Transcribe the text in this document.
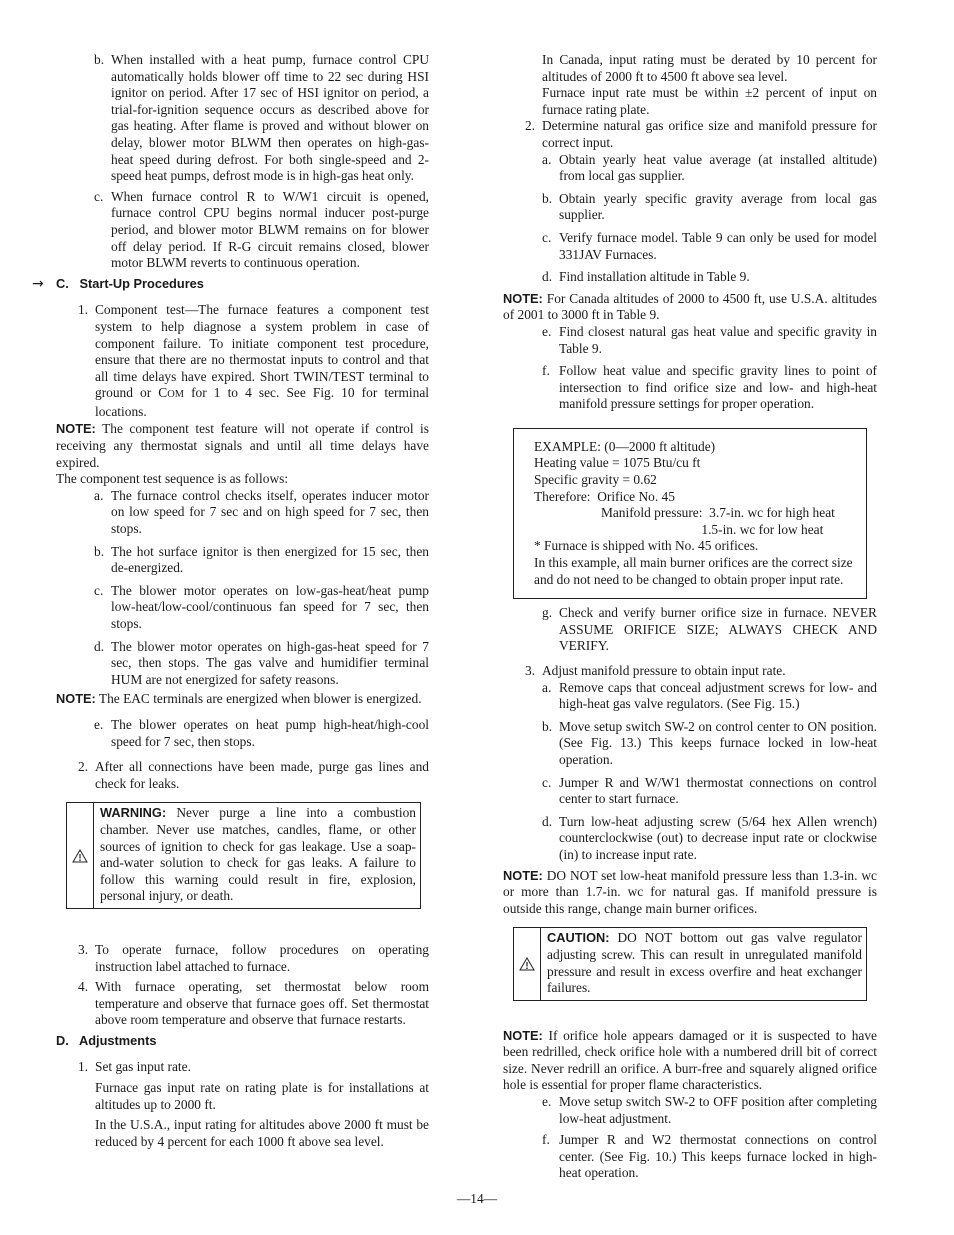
b. When installed with a heat pump, furnace control CPU automatically holds blower off time to 22 sec during HSI ignitor on period. After 17 sec of HSI ignitor on period, a trial-for-ignition sequence occurs as described above for gas heating. After flame is proved and without blower on delay, blower motor BLWM then operates on high-gas-heat speed during defrost. For both single-speed and 2-speed heat pumps, defrost mode is in high-gas heat only.
c. When furnace control R to W/W1 circuit is opened, furnace control CPU begins normal inducer post-purge period, and blower motor BLWM remains on for blower off delay period. If R-G circuit remains closed, blower motor BLWM reverts to continuous operation.
→ C.   Start-Up Procedures
1. Component test—The furnace features a component test system to help diagnose a system problem in case of component failure. To initiate component test procedure, ensure that there are no thermostat inputs to control and that all time delays have expired. Short TWIN/TEST terminal to ground or COM for 1 to 4 sec. See Fig. 10 for terminal locations.

NOTE: The component test feature will not operate if control is receiving any thermostat signals and until all time delays have expired.

The component test sequence is as follows:

a. The furnace control checks itself, operates inducer motor on low speed for 7 sec and on high speed for 7 sec, then stops.
b. The hot surface ignitor is then energized for 15 sec, then de-energized.
c. The blower motor operates on low-gas-heat/heat pump low-heat/low-cool/continuous fan speed for 7 sec, then stops.
d. The blower motor operates on high-gas-heat speed for 7 sec, then stops. The gas valve and humidifier terminal HUM are not energized for safety reasons.

NOTE: The EAC terminals are energized when blower is energized.

e. The blower operates on heat pump high-heat/high-cool speed for 7 sec, then stops.
2. After all connections have been made, purge gas lines and check for leaks.
WARNING: Never purge a line into a combustion chamber. Never use matches, candles, flame, or other sources of ignition to check for gas leakage. Use a soap-and-water solution to check for gas leaks. A failure to follow this warning could result in fire, explosion, personal injury, or death.
3. To operate furnace, follow procedures on operating instruction label attached to furnace.
4. With furnace operating, set thermostat below room temperature and observe that furnace goes off. Set thermostat above room temperature and observe that furnace restarts.
D.   Adjustments
1. Set gas input rate.

Furnace gas input rate on rating plate is for installations at altitudes up to 2000 ft.

In the U.S.A., input rating for altitudes above 2000 ft must be reduced by 4 percent for each 1000 ft above sea level.

In Canada, input rating must be derated by 10 percent for altitudes of 2000 ft to 4500 ft above sea level.

Furnace input rate must be within ±2 percent of input on furnace rating plate.

2. Determine natural gas orifice size and manifold pressure for correct input.
a. Obtain yearly heat value average (at installed altitude) from local gas supplier.
b. Obtain yearly specific gravity average from local gas supplier.
c. Verify furnace model. Table 9 can only be used for model 331JAV Furnaces.
d. Find installation altitude in Table 9.

NOTE: For Canada altitudes of 2000 to 4500 ft, use U.S.A. altitudes of 2001 to 3000 ft in Table 9.

e. Find closest natural gas heat value and specific gravity in Table 9.
f. Follow heat value and specific gravity lines to point of intersection to find orifice size and low- and high-heat manifold pressure settings for proper operation.
EXAMPLE: (0—2000 ft altitude)
Heating value = 1075 Btu/cu ft
Specific gravity = 0.62
Therefore:  Orifice No. 45
Manifold pressure:  3.7-in. wc for high heat
1.5-in. wc for low heat
* Furnace is shipped with No. 45 orifices.
In this example, all main burner orifices are the correct size
and do not need to be changed to obtain proper input rate.
g. Check and verify burner orifice size in furnace. NEVER ASSUME ORIFICE SIZE; ALWAYS CHECK AND VERIFY.
3. Adjust manifold pressure to obtain input rate.
a. Remove caps that conceal adjustment screws for low- and high-heat gas valve regulators. (See Fig. 15.)
b. Move setup switch SW-2 on control center to ON position. (See Fig. 13.) This keeps furnace locked in low-heat operation.
c. Jumper R and W/W1 thermostat connections on control center to start furnace.
d. Turn low-heat adjusting screw (5/64 hex Allen wrench) counterclockwise (out) to decrease input rate or clockwise (in) to increase input rate.

NOTE: DO NOT set low-heat manifold pressure less than 1.3-in. wc or more than 1.7-in. wc for natural gas. If manifold pressure is outside this range, change main burner orifices.

CAUTION: DO NOT bottom out gas valve regulator adjusting screw. This can result in unregulated manifold pressure and result in excess overfire and heat exchanger failures.

NOTE: If orifice hole appears damaged or it is suspected to have been redrilled, check orifice hole with a numbered drill bit of correct size. Never redrill an orifice. A burr-free and squarely aligned orifice hole is essential for proper flame characteristics.

e. Move setup switch SW-2 to OFF position after completing low-heat adjustment.
f. Jumper R and W2 thermostat connections on control center. (See Fig. 10.) This keeps furnace locked in high-heat operation.
—14—
